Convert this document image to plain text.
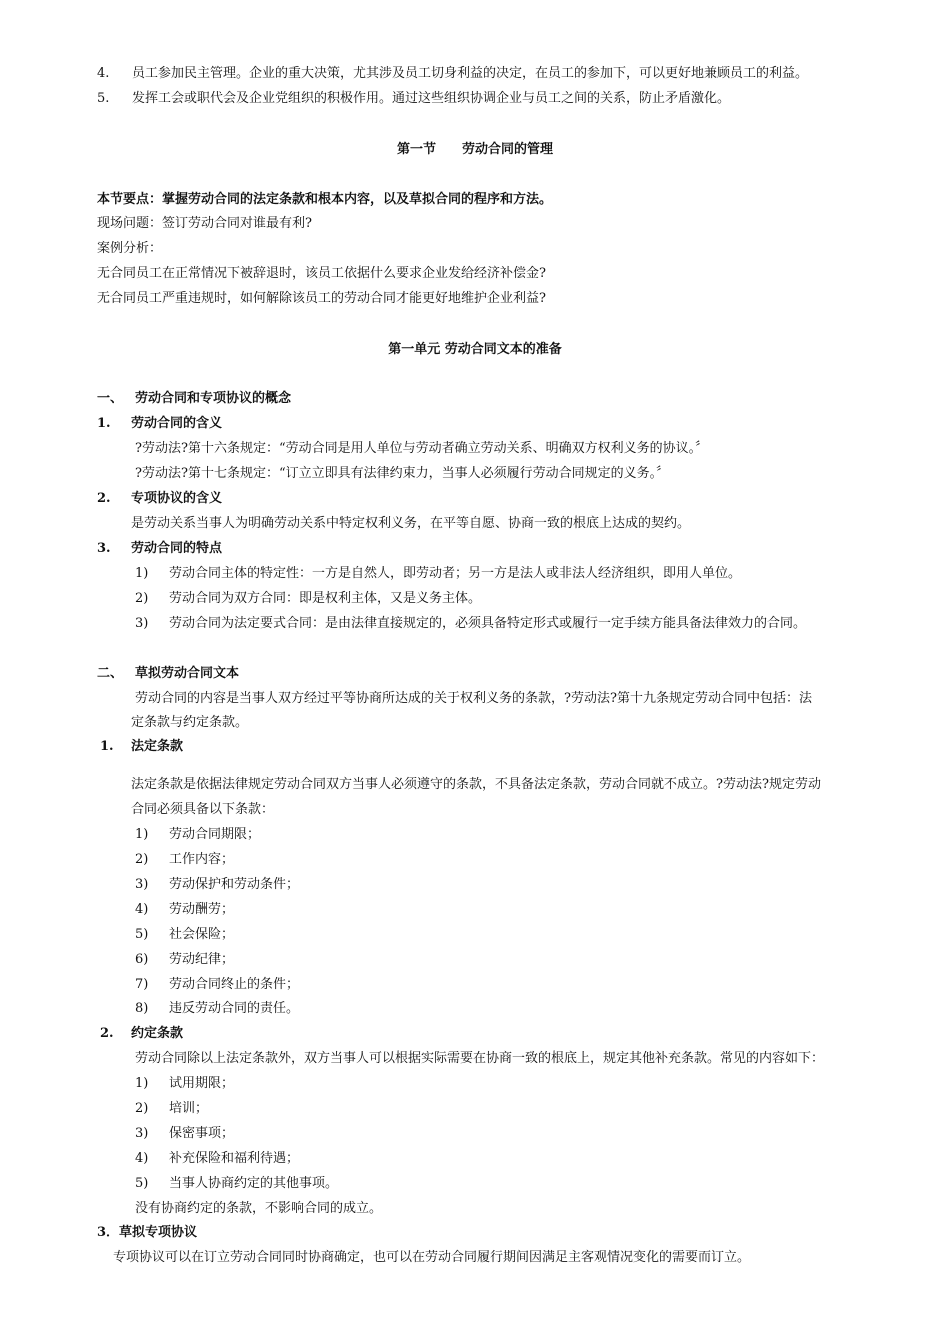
4. 员工参加民主管理。企业的重大决策，尤其涉及员工切身利益的决定，在员工的参加下，可以更好地兼顾员工的利益。
5. 发挥工会或职代会及企业党组织的积极作用。通过这些组织协调企业与员工之间的关系，防止矛盾激化。
第一节　　劳动合同的管理
本节要点：掌握劳动合同的法定条款和根本内容，以及草拟合同的程序和方法。
现场问题：签订劳动合同对谁最有利?
案例分析：
无合同员工在正常情况下被辞退时，该员工依据什么要求企业发给经济补偿金?
无合同员工严重违规时，如何解除该员工的劳动合同才能更好地维护企业利益?
第一单元 劳动合同文本的准备
一、 劳动合同和专项协议的概念
1. 劳动合同的含义
?劳动法?第十六条规定：“劳动合同是用人单位与劳动者确立劳动关系、明确双方权利义务的协议。〞
?劳动法?第十七条规定：“订立立即具有法律约束力，当事人必须履行劳动合同规定的义务。〞
2. 专项协议的含义
是劳动关系当事人为明确劳动关系中特定权利义务，在平等自愿、协商一致的根底上达成的契约。
3. 劳动合同的特点
1) 劳动合同主体的特定性：一方是自然人，即劳动者；另一方是法人或非法人经济组织，即用人单位。
2) 劳动合同为双方合同：即是权利主体，又是义务主体。
3) 劳动合同为法定要式合同：是由法律直接规定的，必须具备特定形式或履行一定手续方能具备法律效力的合同。
二、 草拟劳动合同文本
劳动合同的内容是当事人双方经过平等协商所达成的关于权利义务的条款，?劳动法?第十九条规定劳动合同中包括：法
定条款与约定条款。
1. 法定条款
法定条款是依据法律规定劳动合同双方当事人必须遵守的条款，不具备法定条款，劳动合同就不成立。?劳动法?规定劳动
合同必须具备以下条款：
1) 劳动合同期限；
2) 工作内容；
3) 劳动保护和劳动条件；
4) 劳动酬劳；
5) 社会保险；
6) 劳动纪律；
7) 劳动合同终止的条件；
8) 违反劳动合同的责任。
2. 约定条款
劳动合同除以上法定条款外，双方当事人可以根据实际需要在协商一致的根底上，规定其他补充条款。常见的内容如下：
1) 试用期限；
2) 培训；
3) 保密事项；
4) 补充保险和福利待遇；
5) 当事人协商约定的其他事项。
没有协商约定的条款，不影响合同的成立。
3．草拟专项协议
专项协议可以在订立劳动合同同时协商确定，也可以在劳动合同履行期间因满足主客观情况变化的需要而订立。
